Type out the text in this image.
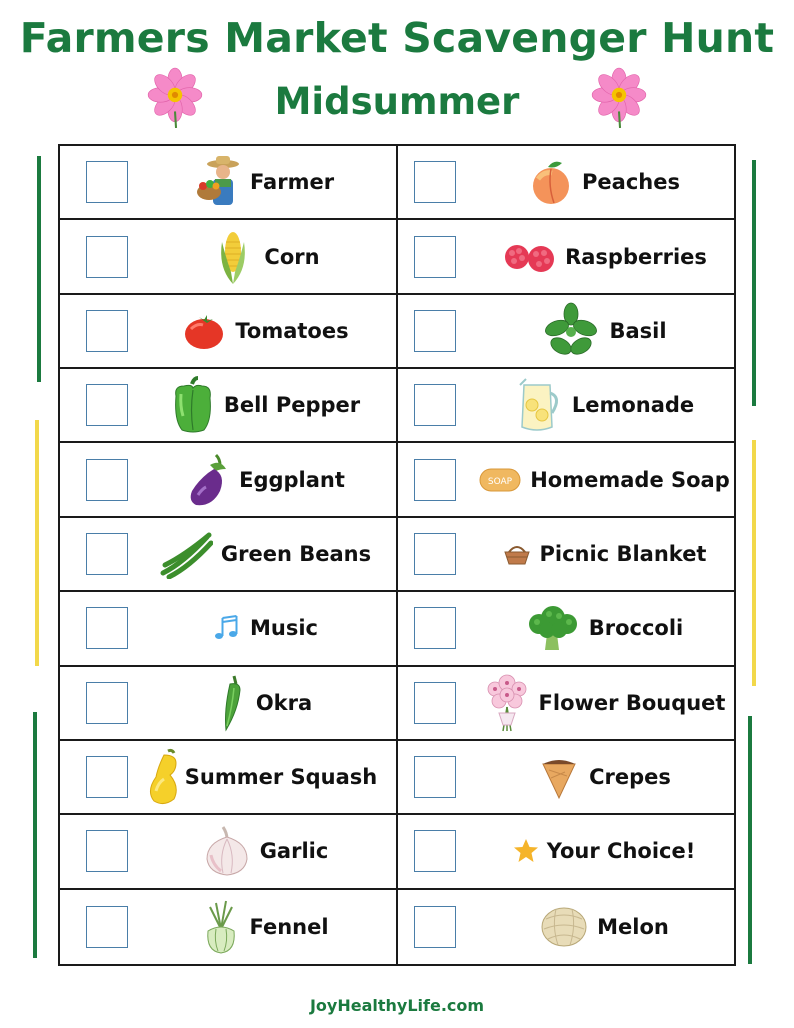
Farmers Market Scavenger Hunt
Midsummer
Farmer	Peaches
Corn	Raspberries
Tomatoes	Basil
Bell Pepper	Lemonade
Eggplant	SOAP Homemade Soap
Green Beans	Picnic Blanket
Music	Broccoli
Okra	Flower Bouquet
Summer Squash	Crepes
Garlic	Your Choice!
Fennel	Melon
JoyHealthyLife.com
